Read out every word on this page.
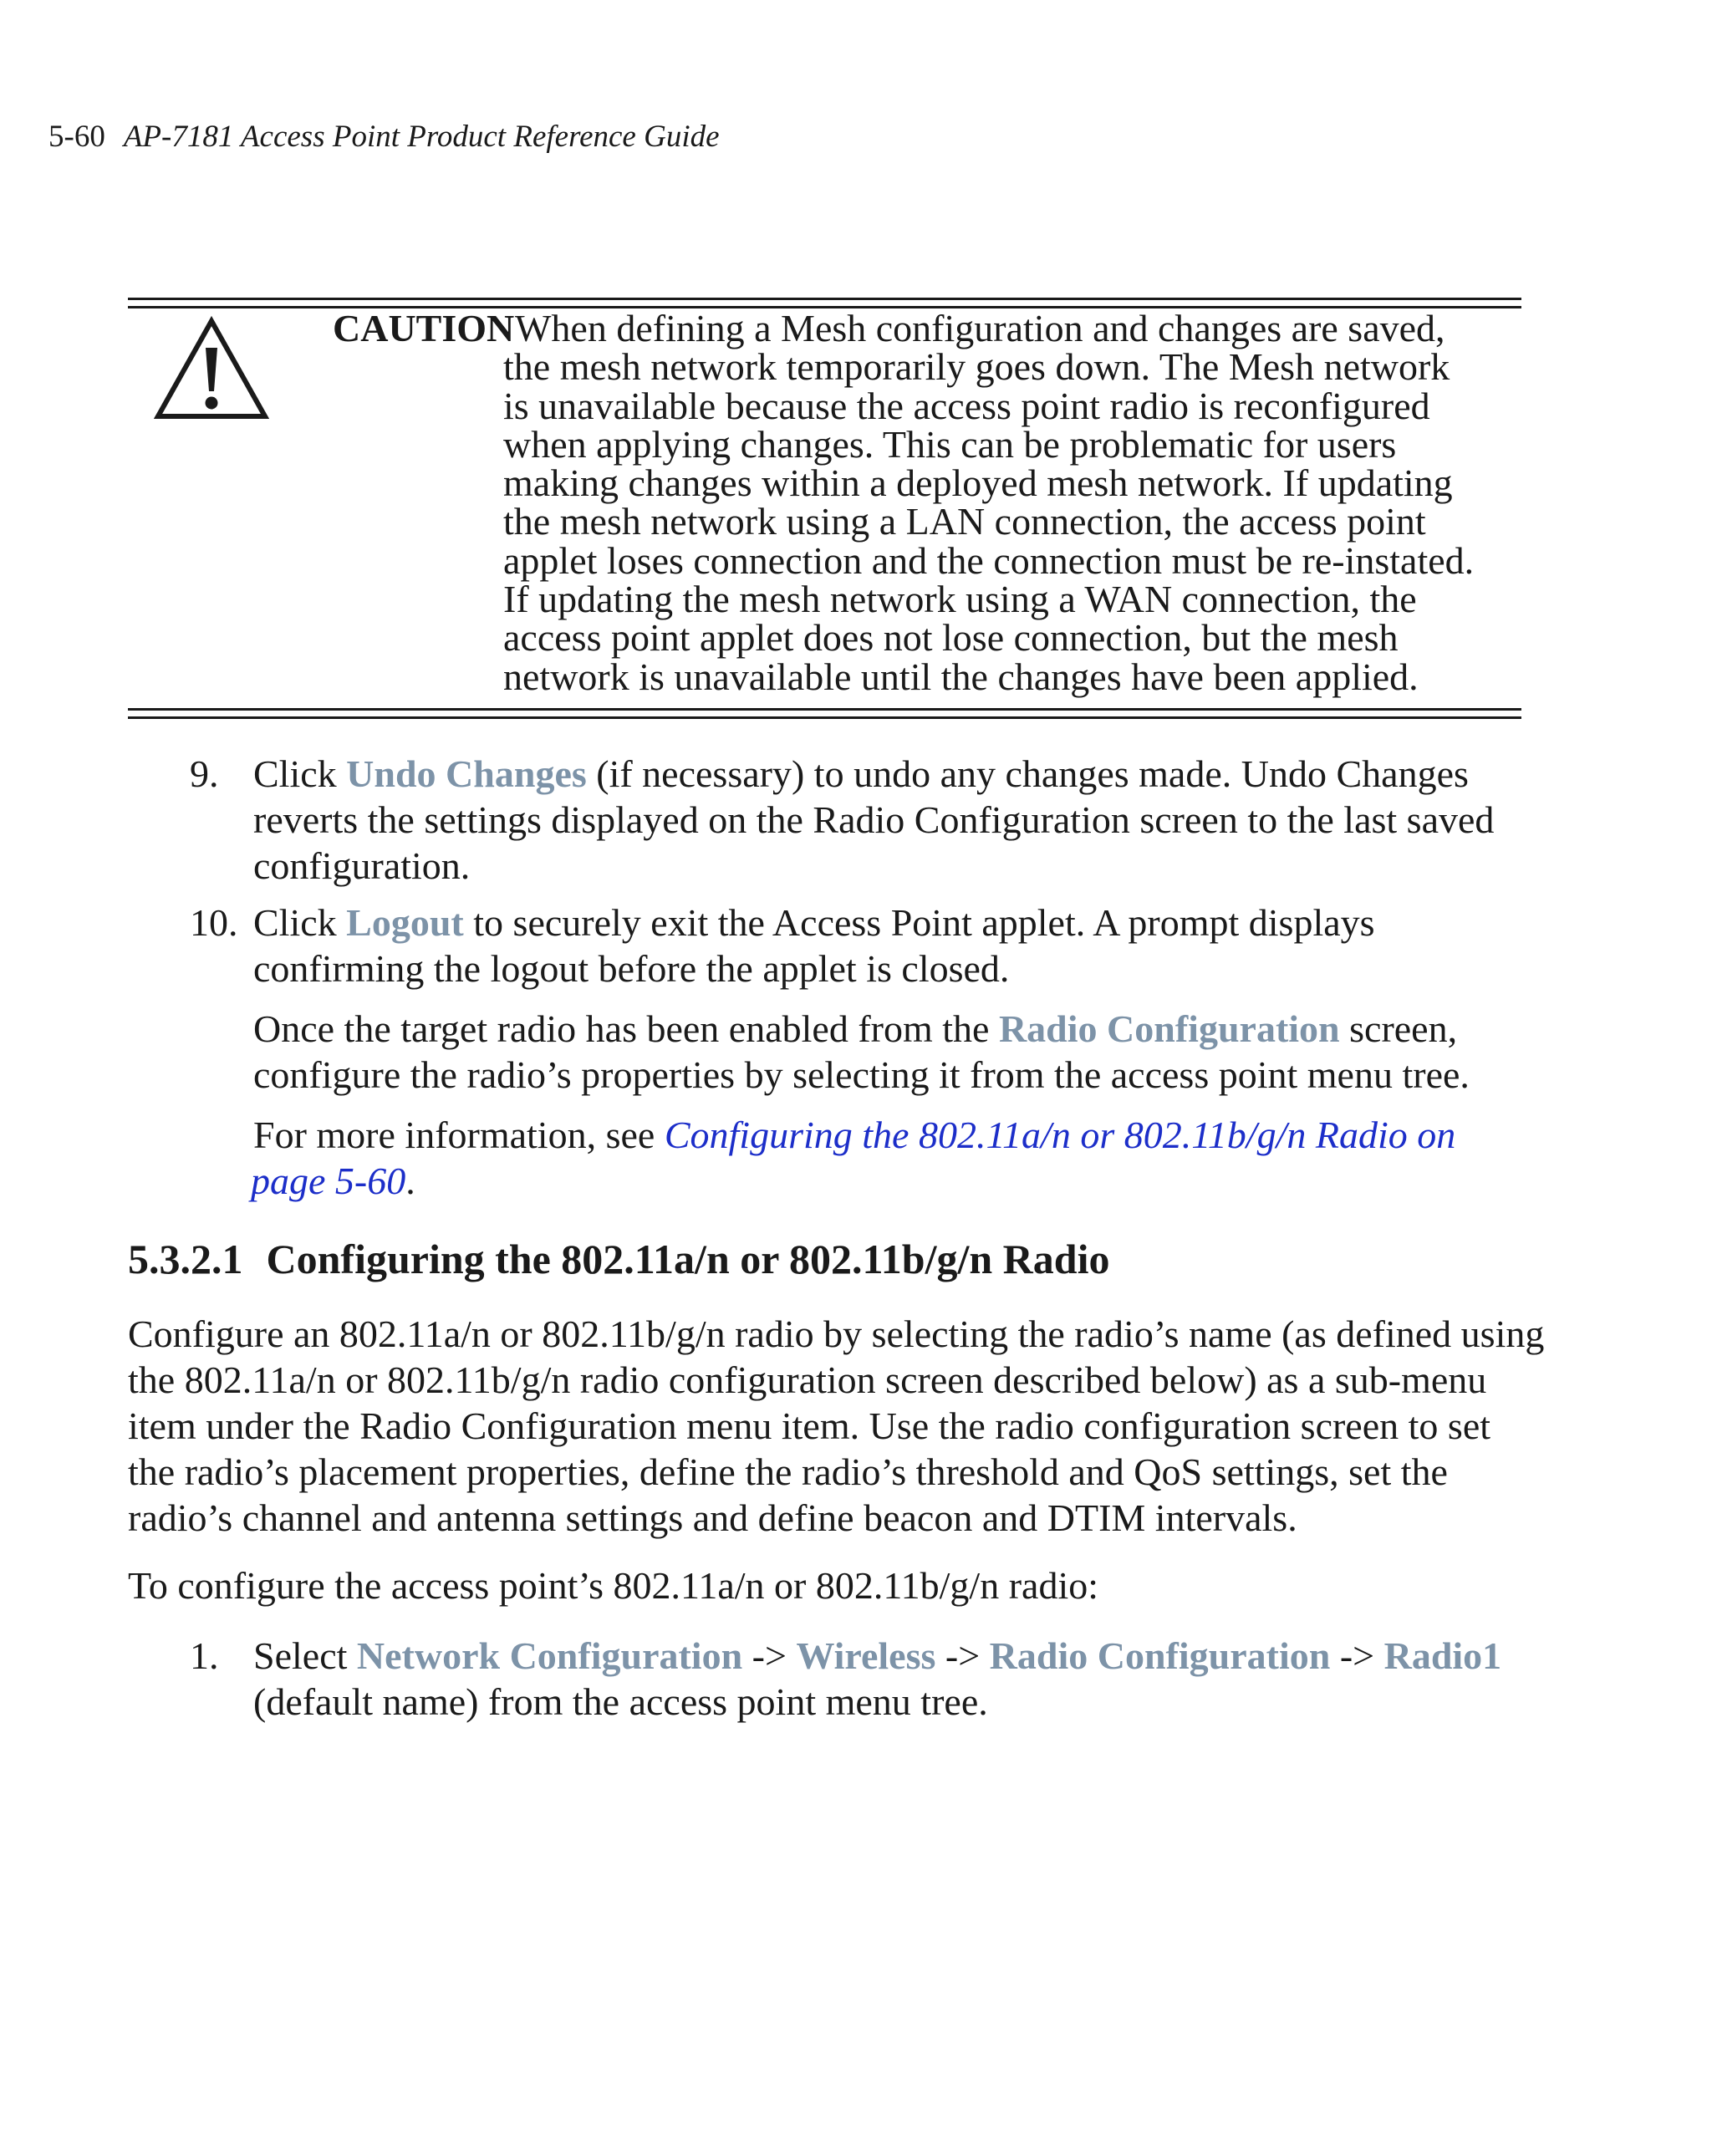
5-60 AP-7181 Access Point Product Reference Guide
CAUTION When defining a Mesh configuration and changes are saved,
the mesh network temporarily goes down. The Mesh network
is unavailable because the access point radio is reconfigured
when applying changes. This can be problematic for users
making changes within a deployed mesh network. If updating
the mesh network using a LAN connection, the access point
applet loses connection and the connection must be re-instated.
If updating the mesh network using a WAN connection, the
access point applet does not lose connection, but the mesh
network is unavailable until the changes have been applied.
9. Click Undo Changes (if necessary) to undo any changes made. Undo Changes
reverts the settings displayed on the Radio Configuration screen to the last saved
configuration.
10. Click Logout to securely exit the Access Point applet. A prompt displays
confirming the logout before the applet is closed.
Once the target radio has been enabled from the Radio Configuration screen,
configure the radio’s properties by selecting it from the access point menu tree.
For more information, see Configuring the 802.11a/n or 802.11b/g/n Radio on
page 5-60.
5.3.2.1 Configuring the 802.11a/n or 802.11b/g/n Radio
Configure an 802.11a/n or 802.11b/g/n radio by selecting the radio’s name (as defined using
the 802.11a/n or 802.11b/g/n radio configuration screen described below) as a sub-menu
item under the Radio Configuration menu item. Use the radio configuration screen to set
the radio’s placement properties, define the radio’s threshold and QoS settings, set the
radio’s channel and antenna settings and define beacon and DTIM intervals.
To configure the access point’s 802.11a/n or 802.11b/g/n radio:
1. Select Network Configuration -> Wireless -> Radio Configuration -> Radio1
(default name) from the access point menu tree.
